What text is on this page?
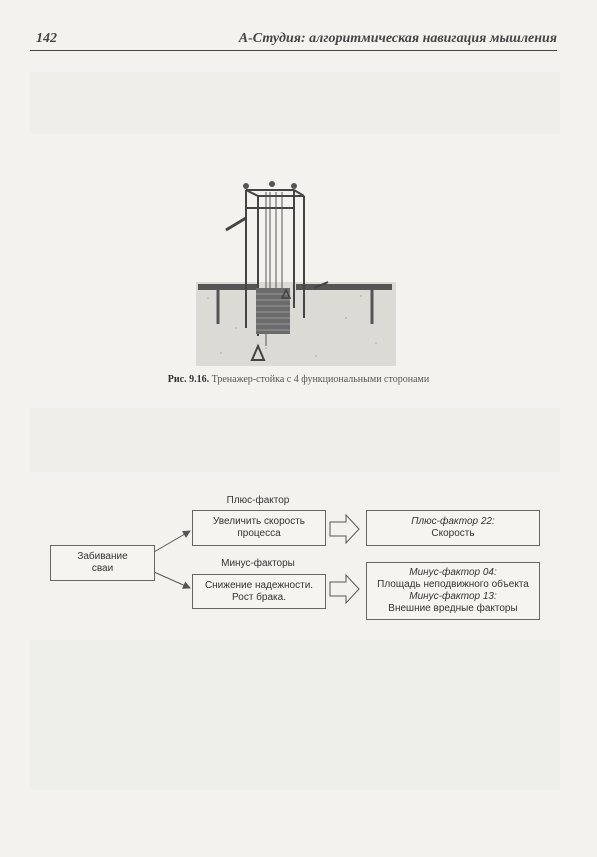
142	А-Студия: алгоритмическая навигация мышления
Рис. 9.16. Тренажер-стойка с 4 функциональными сторонами
Забивание
сваи
Плюс-фактор
Минус-факторы
Увеличить скорость
процесса
Снижение надежности.
Рост брака.
Плюс-фактор 22:
Скорость
Минус-фактор 04:
Площадь неподвижного объекта
Минус-фактор 13:
Внешние вредные факторы
